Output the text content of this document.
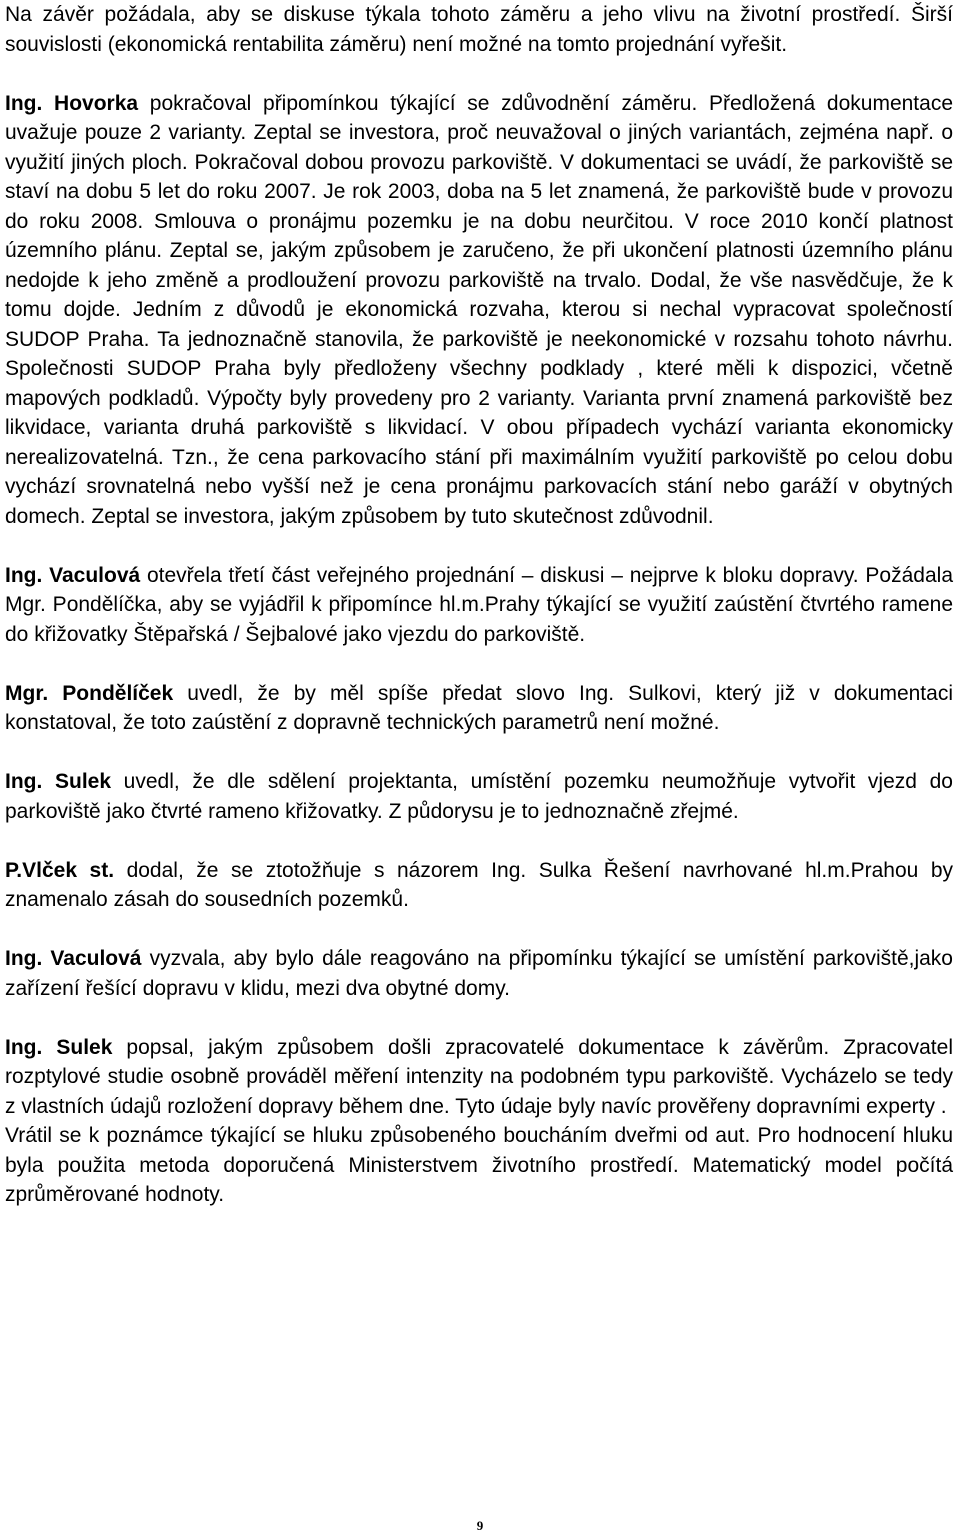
Na závěr požádala, aby se diskuse týkala tohoto záměru a jeho vlivu na životní prostředí. Širší souvislosti (ekonomická rentabilita záměru) není možné na tomto projednání vyřešit.

Ing. Hovorka pokračoval připomínkou týkající se zdůvodnění záměru. Předložená dokumentace uvažuje pouze 2 varianty. Zeptal se investora, proč neuvažoval o jiných variantách, zejména např. o využití jiných ploch. Pokračoval dobou provozu parkoviště. V dokumentaci se uvádí, že parkoviště se staví na dobu 5 let do roku 2007. Je rok 2003, doba na 5 let znamená, že parkoviště bude v provozu do roku 2008. Smlouva o pronájmu pozemku je na dobu neurčitou. V roce 2010 končí platnost územního plánu. Zeptal se, jakým způsobem je zaručeno, že při ukončení platnosti územního plánu nedojde k jeho změně a prodloužení provozu parkoviště na trvalo. Dodal, že vše nasvědčuje, že k tomu dojde. Jedním z důvodů je ekonomická rozvaha, kterou si nechal vypracovat společností SUDOP Praha. Ta jednoznačně stanovila, že parkoviště je neekonomické v rozsahu tohoto návrhu. Společnosti SUDOP Praha byly předloženy všechny podklady , které měli k dispozici, včetně mapových podkladů. Výpočty byly provedeny pro 2 varianty. Varianta první znamená parkoviště bez likvidace, varianta druhá parkoviště s likvidací. V obou případech vychází varianta ekonomicky nerealizovatelná. Tzn., že cena parkovacího stání při maximálním využití parkoviště po celou dobu vychází srovnatelná nebo vyšší než je cena pronájmu parkovacích stání nebo garáží v obytných domech. Zeptal se investora, jakým způsobem by tuto skutečnost zdůvodnil.

Ing. Vaculová otevřela třetí část veřejného projednání – diskusi – nejprve k bloku dopravy. Požádala Mgr. Pondělíčka, aby se vyjádřil k připomínce hl.m.Prahy týkající se využití zaústění čtvrtého ramene do křižovatky Štěpařská / Šejbalové jako vjezdu do parkoviště.

Mgr. Pondělíček uvedl, že by měl spíše předat slovo Ing. Sulkovi, který již v dokumentaci konstatoval, že toto zaústění z dopravně technických parametrů není možné.

Ing. Sulek uvedl, že dle sdělení projektanta, umístění pozemku neumožňuje vytvořit vjezd do parkoviště jako čtvrté rameno křižovatky. Z půdorysu je to jednoznačně zřejmé.

P.Vlček st. dodal, že se ztotožňuje s názorem Ing. Sulka Řešení navrhované hl.m.Prahou by znamenalo zásah do sousedních pozemků.

Ing. Vaculová vyzvala, aby bylo dále reagováno na připomínku týkající se umístění parkoviště,jako zařízení řešící dopravu v klidu, mezi dva obytné domy.

Ing. Sulek popsal, jakým způsobem došli zpracovatelé dokumentace k závěrům. Zpracovatel rozptylové studie osobně prováděl měření intenzity na podobném typu parkoviště. Vycházelo se tedy z vlastních údajů rozložení dopravy během dne. Tyto údaje byly navíc prověřeny dopravními experty .

Vrátil se k poznámce týkající se hluku způsobeného boucháním dveřmi od aut. Pro hodnocení hluku byla použita metoda doporučená Ministerstvem životního prostředí. Matematický model počítá zprůměrované hodnoty.

9
